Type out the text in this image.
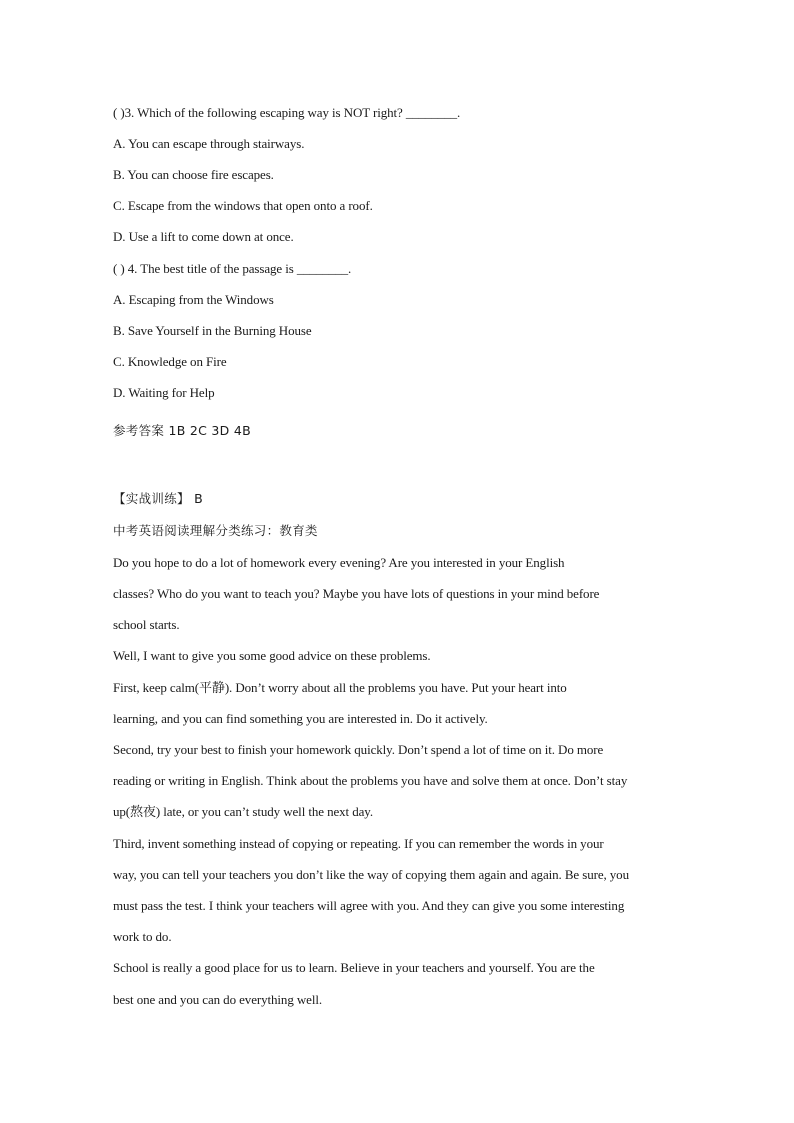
( )3. Which of the following escaping way is NOT right? ________.
A. You can escape through stairways.
B. You can choose fire escapes.
C. Escape from the windows that open onto a roof.
D. Use a lift to come down at once.
( ) 4. The best title of the passage is ________.
A. Escaping from the Windows
B. Save Yourself in the Burning House
C. Knowledge on Fire
D. Waiting for Help
参考答案 1B 2C 3D 4B
【实战训练】 B
中考英语阅读理解分类练习：教育类
Do you hope to do a lot of homework every evening? Are you interested in your English
classes? Who do you want to teach you? Maybe you have lots of questions in your mind before
school starts.
Well, I want to give you some good advice on these problems.
First, keep calm(平静). Don’t worry about all the problems you have. Put your heart into
learning, and you can find something you are interested in. Do it actively.
Second, try your best to finish your homework quickly. Don’t spend a lot of time on it. Do more
reading or writing in English. Think about the problems you have and solve them at once. Don’t stay
up(熬夜) late, or you can’t study well the next day.
Third, invent something instead of copying or repeating. If you can remember the words in your
way, you can tell your teachers you don’t like the way of copying them again and again. Be sure, you
must pass the test. I think your teachers will agree with you. And they can give you some interesting
work to do.
School is really a good place for us to learn. Believe in your teachers and yourself. You are the
best one and you can do everything well.
